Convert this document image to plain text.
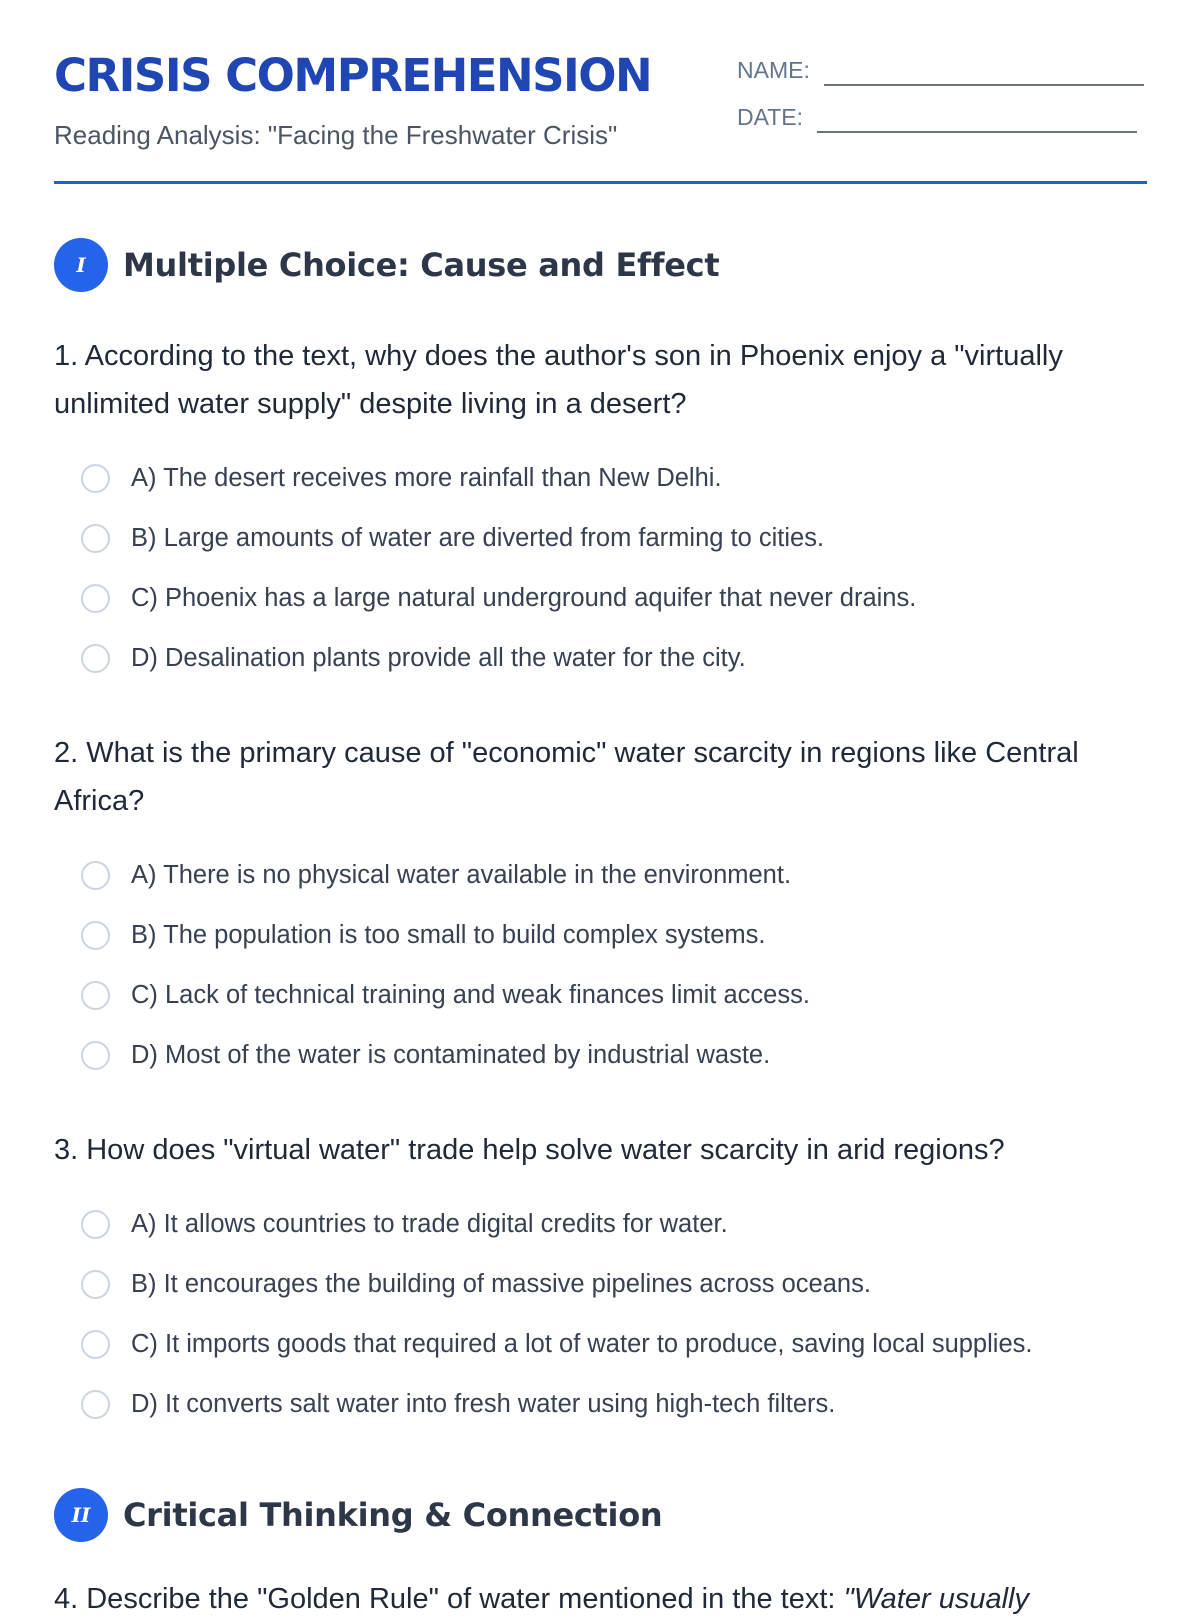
CRISIS COMPREHENSION
Reading Analysis: "Facing the Freshwater Crisis"
NAME:
DATE:
I	Multiple Choice: Cause and Effect

1. According to the text, why does the author's son in Phoenix enjoy a "virtually unlimited water supply" despite living in a desert?

A) The desert receives more rainfall than New Delhi.
B) Large amounts of water are diverted from farming to cities.
C) Phoenix has a large natural underground aquifer that never drains.
D) Desalination plants provide all the water for the city.

2. What is the primary cause of "economic" water scarcity in regions like Central Africa?

A) There is no physical water available in the environment.
B) The population is too small to build complex systems.
C) Lack of technical training and weak finances limit access.
D) Most of the water is contaminated by industrial waste.

3. How does "virtual water" trade help solve water scarcity in arid regions?

A) It allows countries to trade digital credits for water.
B) It encourages the building of massive pipelines across oceans.
C) It imports goods that required a lot of water to produce, saving local supplies.
D) It converts salt water into fresh water using high-tech filters.
II	Critical Thinking & Connection
4. Describe the "Golden Rule" of water mentioned in the text: "Water usually
